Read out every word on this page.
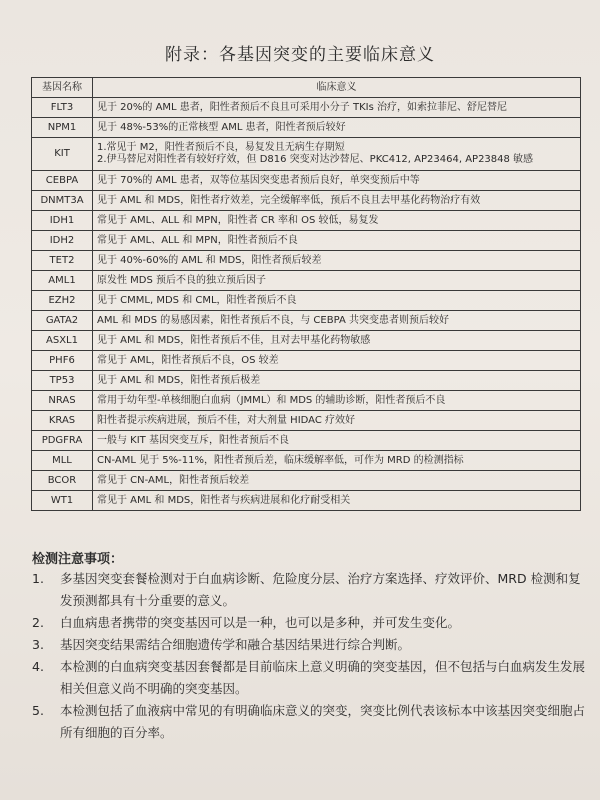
附录：各基因突变的主要临床意义
基因名称	临床意义
FLT3	见于 20%的 AML 患者，阳性者预后不良且可采用小分子 TKIs 治疗，如索拉菲尼、舒尼替尼

NPM1	见于 48%-53%的正常核型 AML 患者，阳性者预后较好

KIT	1.常见于 M2，阳性者预后不良，易复发且无病生存期短
2.伊马替尼对阳性者有较好疗效，但 D816 突变对达沙替尼、PKC412, AP23464, AP23848 敏感

CEBPA	见于 70%的 AML 患者，双等位基因突变患者预后良好，单突变预后中等

DNMT3A	见于 AML 和 MDS，阳性者疗效差，完全缓解率低，预后不良且去甲基化药物治疗有效

IDH1	常见于 AML、ALL 和 MPN，阳性者 CR 率和 OS 较低，易复发

IDH2	常见于 AML、ALL 和 MPN，阳性者预后不良

TET2	见于 40%-60%的 AML 和 MDS，阳性者预后较差

AML1	原发性 MDS 预后不良的独立预后因子

EZH2	见于 CMML, MDS 和 CML，阳性者预后不良

GATA2	AML 和 MDS 的易感因素，阳性者预后不良，与 CEBPA 共突变患者则预后较好

ASXL1	见于 AML 和 MDS，阳性者预后不佳，且对去甲基化药物敏感

PHF6	常见于 AML，阳性者预后不良，OS 较差

TP53	见于 AML 和 MDS，阳性者预后极差

NRAS	常用于幼年型-单核细胞白血病（JMML）和 MDS 的辅助诊断，阳性者预后不良

KRAS	阳性者提示疾病进展，预后不佳，对大剂量 HIDAC 疗效好

PDGFRA	一般与 KIT 基因突变互斥，阳性者预后不良

MLL	CN-AML 见于 5%-11%，阳性者预后差，临床缓解率低，可作为 MRD 的检测指标

BCOR	常见于 CN-AML，阳性者预后较差

WT1	常见于 AML 和 MDS，阳性者与疾病进展和化疗耐受相关
检测注意事项：
1. 多基因突变套餐检测对于白血病诊断、危险度分层、治疗方案选择、疗效评价、MRD 检测和复发预测都具有十分重要的意义。
2. 白血病患者携带的突变基因可以是一种，也可以是多种，并可发生变化。
3. 基因突变结果需结合细胞遗传学和融合基因结果进行综合判断。
4. 本检测的白血病突变基因套餐都是目前临床上意义明确的突变基因，但不包括与白血病发生发展相关但意义尚不明确的突变基因。
5. 本检测包括了血液病中常见的有明确临床意义的突变，突变比例代表该标本中该基因突变细胞占所有细胞的百分率。
